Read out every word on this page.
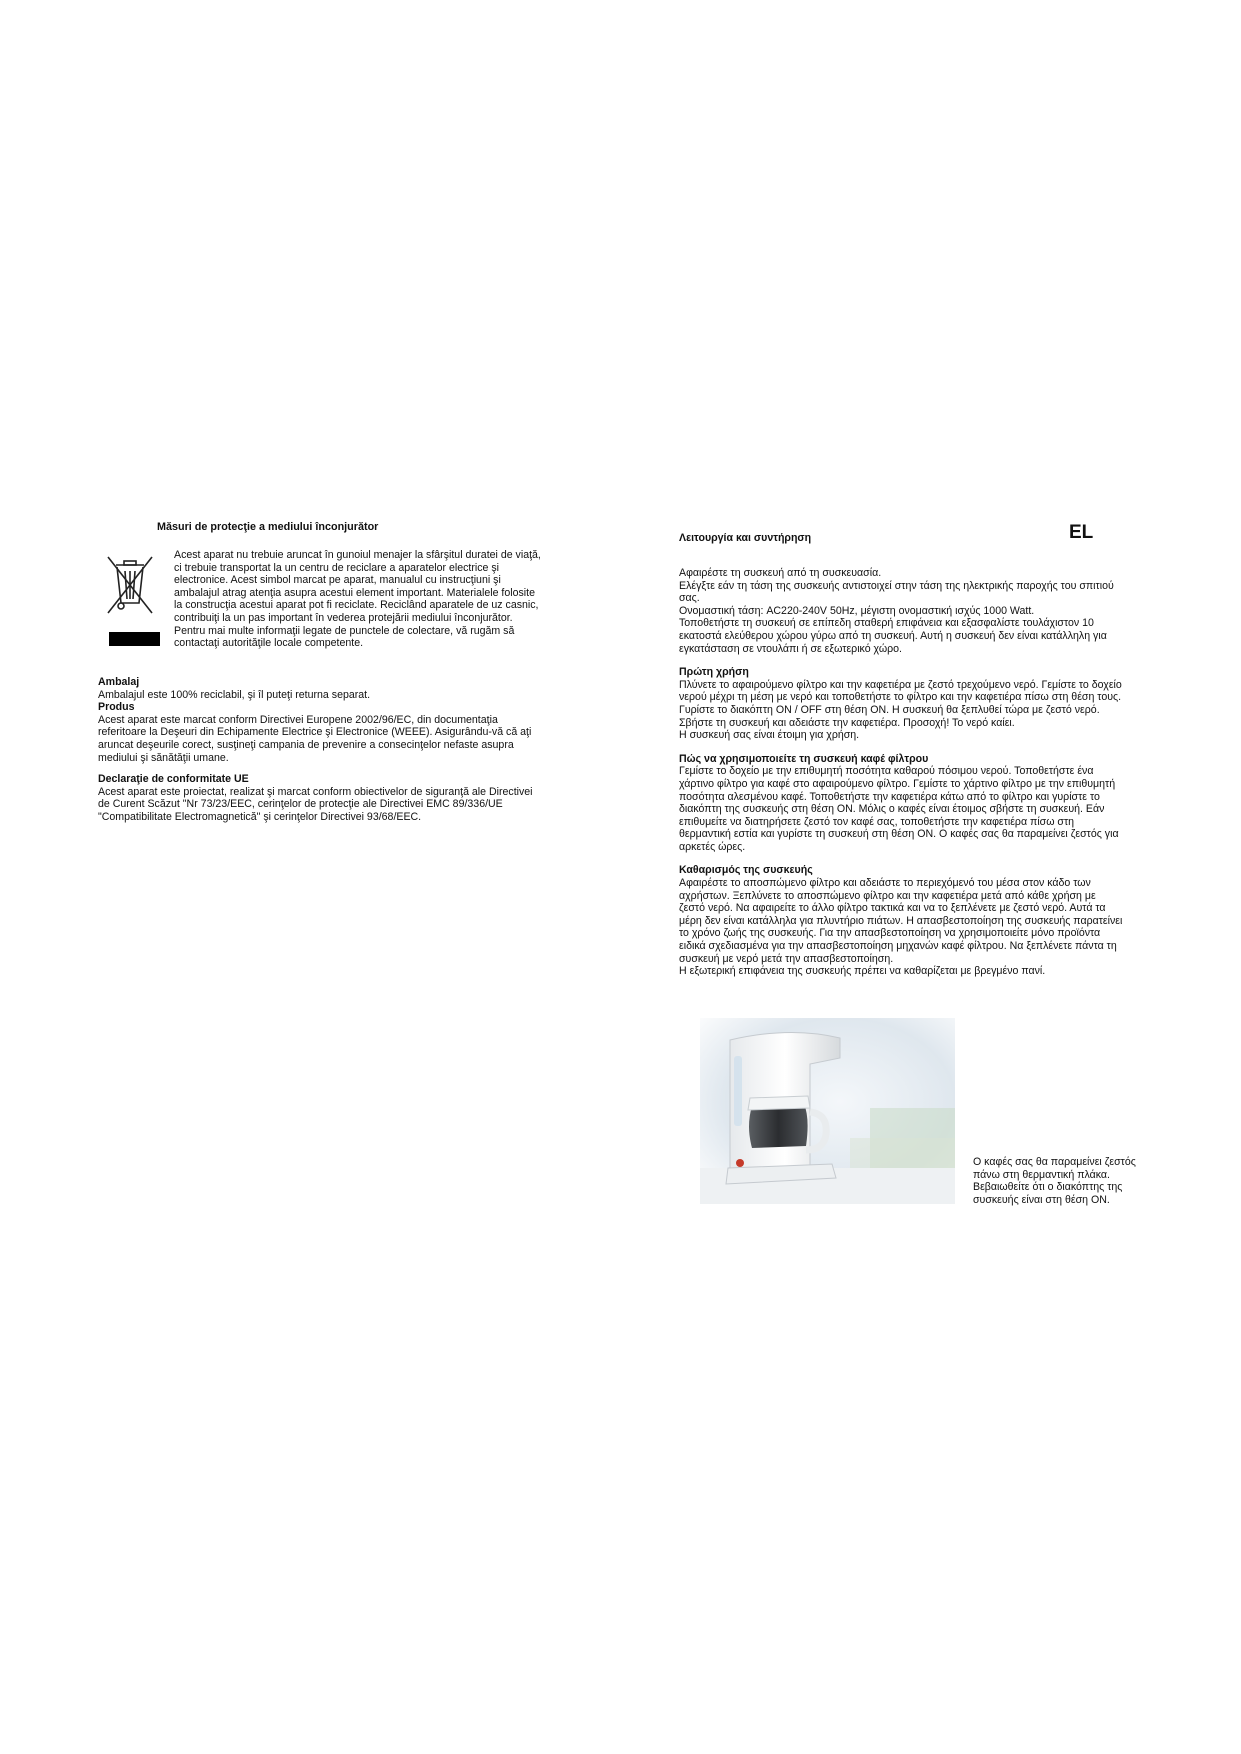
Măsuri de protecţie a mediului înconjurător

Acest aparat nu trebuie aruncat în gunoiul menajer la sfârşitul duratei de viaţă,

ci trebuie transportat la un centru de reciclare a aparatelor electrice şi

electronice. Acest simbol marcat pe aparat, manualul cu instrucţiuni şi

ambalajul atrag atenţia asupra acestui element important. Materialele folosite

la construcţia acestui aparat pot fi reciclate. Reciclând aparatele de uz casnic,

contribuiţi la un pas important în vederea protejării mediului înconjurător.

Pentru mai multe informaţii legate de punctele de colectare, vă rugăm să

contactaţi autorităţile locale competente.

Ambalaj

Ambalajul este 100% reciclabil, şi îl puteţi returna separat.

Produs

Acest aparat este marcat conform Directivei Europene 2002/96/EC, din documentaţia

referitoare la Deşeuri din Echipamente Electrice şi Electronice (WEEE). Asigurându-vă că aţi

aruncat deşeurile corect, susţineţi campania de prevenire a consecinţelor nefaste asupra

mediului şi sănătăţii umane.

Declaraţie de conformitate UE

Acest aparat este proiectat, realizat şi marcat conform obiectivelor de siguranţă ale Directivei

de Curent Scăzut "Nr 73/23/EEC, cerinţelor de protecţie ale Directivei EMC 89/336/UE

"Compatibilitate Electromagnetică" şi cerinţelor Directivei 93/68/EEC.

Λειτουργία και συντήρηση	EL

Αφαιρέστε τη συσκευή από τη συσκευασία.

Ελέγξτε εάν τη τάση της συσκευής αντιστοιχεί στην τάση της ηλεκτρικής παροχής του σπιτιού

σας.

Ονομαστική τάση: AC220-240V 50Hz, μέγιστη ονομαστική ισχύς 1000 Watt.

Τοποθετήστε τη συσκευή σε επίπεδη σταθερή επιφάνεια και εξασφαλίστε τουλάχιστον 10

εκατοστά ελεύθερου χώρου γύρω από τη συσκευή. Αυτή η συσκευή δεν είναι κατάλληλη για

εγκατάσταση σε ντουλάπι ή σε εξωτερικό χώρο.

Πρώτη χρήση

Πλύνετε το αφαιρούμενο φίλτρο και την καφετιέρα με ζεστό τρεχούμενο νερό. Γεμίστε το δοχείο

νερού μέχρι τη μέση με νερό και τοποθετήστε το φίλτρο και την καφετιέρα πίσω στη θέση τους.

Γυρίστε το διακόπτη ON / OFF στη θέση ON. Η συσκευή θα ξεπλυθεί τώρα με ζεστό νερό.

Σβήστε τη συσκευή και αδειάστε την καφετιέρα. Προσοχή! Το νερό καίει.

Η συσκευή σας είναι έτοιμη για χρήση.

Πώς να χρησιμοποιείτε τη συσκευή καφέ φίλτρου

Γεμίστε το δοχείο με την επιθυμητή ποσότητα καθαρού πόσιμου νερού. Τοποθετήστε ένα

χάρτινο φίλτρο για καφέ στο αφαιρούμενο φίλτρο. Γεμίστε το χάρτινο φίλτρο με την επιθυμητή

ποσότητα αλεσμένου καφέ. Τοποθετήστε την καφετιέρα κάτω από το φίλτρο και γυρίστε το

διακόπτη της συσκευής στη θέση ON. Μόλις ο καφές είναι έτοιμος σβήστε τη συσκευή. Εάν

επιθυμείτε να διατηρήσετε ζεστό τον καφέ σας, τοποθετήστε την καφετιέρα πίσω στη

θερμαντική εστία και γυρίστε τη συσκευή στη θέση ON. Ο καφές σας θα παραμείνει ζεστός για

αρκετές ώρες.

Καθαρισμός της συσκευής

Αφαιρέστε το αποσπώμενο φίλτρο και αδειάστε το περιεχόμενό του μέσα στον κάδο των

αχρήστων. Ξεπλύνετε το αποσπώμενο φίλτρο και την καφετιέρα μετά από κάθε χρήση με

ζεστό νερό. Να αφαιρείτε το άλλο φίλτρο τακτικά και να το ξεπλένετε με ζεστό νερό. Αυτά τα

μέρη δεν είναι κατάλληλα για πλυντήριο πιάτων. Η απασβεστοποίηση της συσκευής παρατείνει

το χρόνο ζωής της συσκευής. Για την απασβεστοποίηση να χρησιμοποιείτε μόνο προϊόντα

ειδικά σχεδιασμένα για την απασβεστοποίηση μηχανών καφέ φίλτρου. Να ξεπλένετε πάντα τη

συσκευή με νερό μετά την απασβεστοποίηση.

Η εξωτερική επιφάνεια της συσκευής πρέπει να καθαρίζεται με βρεγμένο πανί.

Ο καφές σας θα παραμείνει ζεστός

πάνω στη θερμαντική πλάκα.

Βεβαιωθείτε ότι ο διακόπτης της

συσκευής είναι στη θέση ON.
